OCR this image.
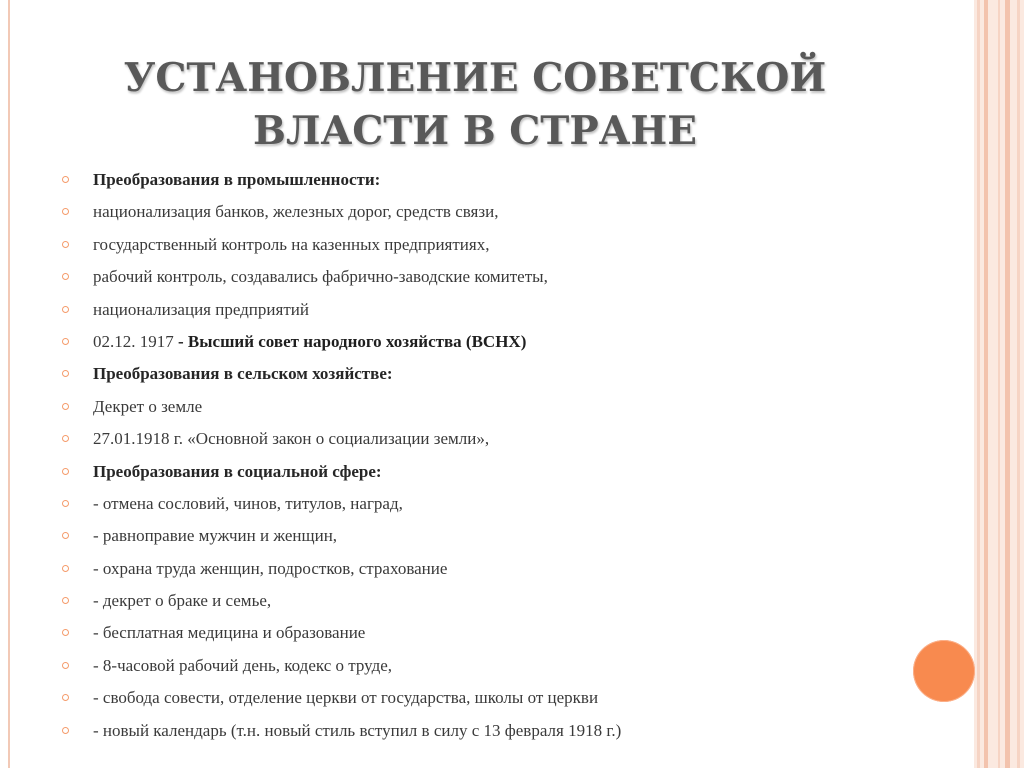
УСТАНОВЛЕНИЕ СОВЕТСКОЙ
ВЛАСТИ В СТРАНЕ
Преобразования в промышленности:
национализация банков, железных дорог, средств связи,
государственный контроль на казенных предприятиях,
рабочий контроль, создавались фабрично-заводские комитеты,
национализация предприятий
02.12. 1917 - Высший совет народного хозяйства (ВСНХ)
Преобразования в сельском хозяйстве:
Декрет о земле
27.01.1918 г. «Основной закон о социализации земли»,
Преобразования в социальной сфере:
- отмена сословий, чинов, титулов, наград,
- равноправие мужчин и женщин,
- охрана труда женщин, подростков, страхование
- декрет о браке и семье,
- бесплатная медицина и образование
- 8-часовой рабочий день, кодекс о труде,
- свобода совести, отделение церкви от государства, школы от церкви
- новый календарь (т.н. новый стиль вступил в силу с 13 февраля 1918 г.)
